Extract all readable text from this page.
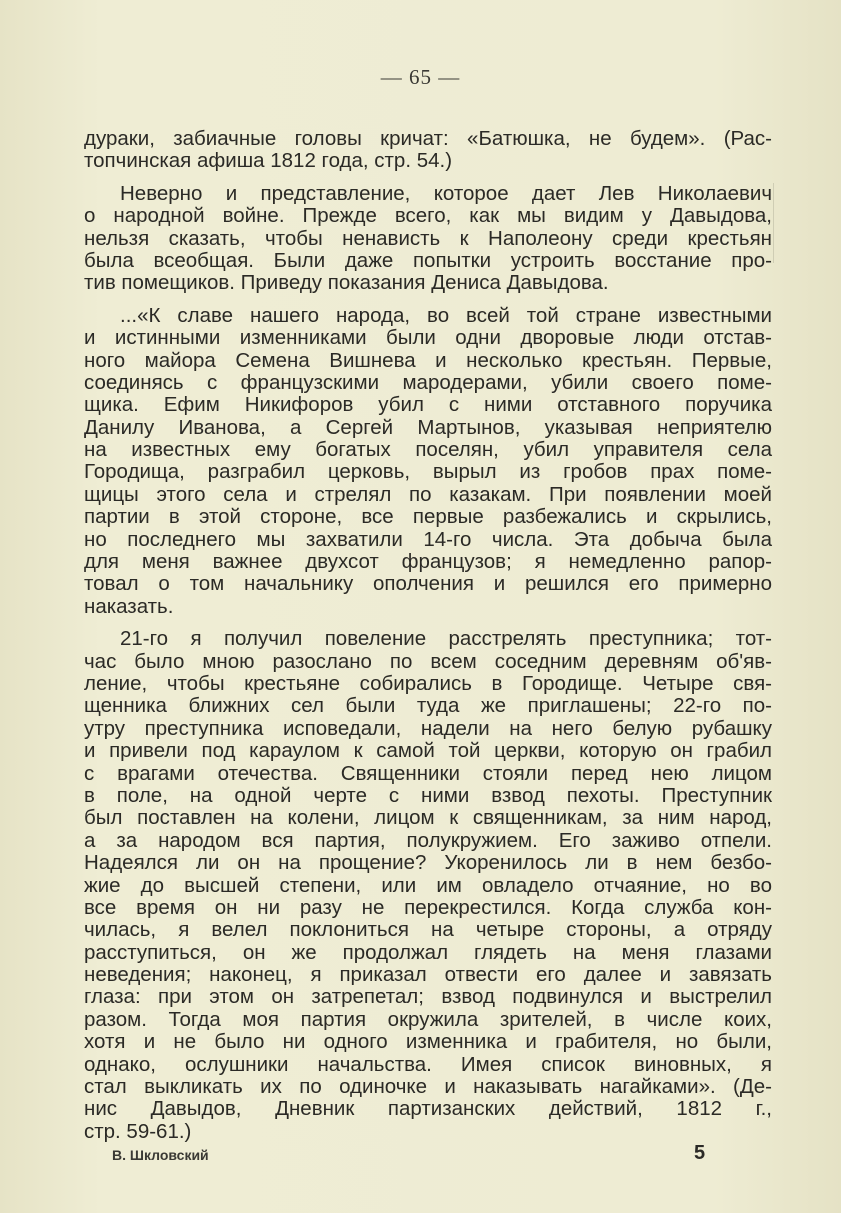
— 65 —
дураки, забиачные головы кричат: «Батюшка, не будем». (Рас-
топчинская афиша 1812 года, стр. 54.)
Неверно и представление, которое дает Лев Николаевич
о народной войне. Прежде всего, как мы видим у Давыдова,
нельзя сказать, чтобы ненависть к Наполеону среди крестьян
была всеобщая. Были даже попытки устроить восстание про-
тив помещиков. Приведу показания Дениса Давыдова.
...«К славе нашего народа, во всей той стране известными
и истинными изменниками были одни дворовые люди отстав-
ного майора Семена Вишнева и несколько крестьян. Первые,
соединясь с французскими мародерами, убили своего поме-
щика. Ефим Никифоров убил с ними отставного поручика
Данилу Иванова, а Сергей Мартынов, указывая неприятелю
на известных ему богатых поселян, убил управителя села
Городища, разграбил церковь, вырыл из гробов прах поме-
щицы этого села и стрелял по казакам. При появлении моей
партии в этой стороне, все первые разбежались и скрылись,
но последнего мы захватили 14-го числа. Эта добыча была
для меня важнее двухсот французов; я немедленно рапор-
товал о том начальнику ополчения и решился его примерно
наказать.
21-го я получил повеление расстрелять преступника; тот-
час было мною разослано по всем соседним деревням об'яв-
ление, чтобы крестьяне собирались в Городище. Четыре свя-
щенника ближних сел были туда же приглашены; 22-го по-
утру преступника исповедали, надели на него белую рубашку
и привели под караулом к самой той церкви, которую он грабил
с врагами отечества. Священники стояли перед нею лицом
в поле, на одной черте с ними взвод пехоты. Преступник
был поставлен на колени, лицом к священникам, за ним народ,
а за народом вся партия, полукружием. Его заживо отпели.
Надеялся ли он на прощение? Укоренилось ли в нем безбо-
жие до высшей степени, или им овладело отчаяние, но во
все время он ни разу не перекрестился. Когда служба кон-
чилась, я велел поклониться на четыре стороны, а отряду
расступиться, он же продолжал глядеть на меня глазами
неведения; наконец, я приказал отвести его далее и завязать
глаза: при этом он затрепетал; взвод подвинулся и выстрелил
разом. Тогда моя партия окружила зрителей, в числе коих,
хотя и не было ни одного изменника и грабителя, но были,
однако, ослушники начальства. Имея список виновных, я
стал выкликать их по одиночке и наказывать нагайками». (Де-
нис Давыдов, Дневник партизанских действий, 1812 г.,
стр. 59-61.)
В. Шкловский	5
